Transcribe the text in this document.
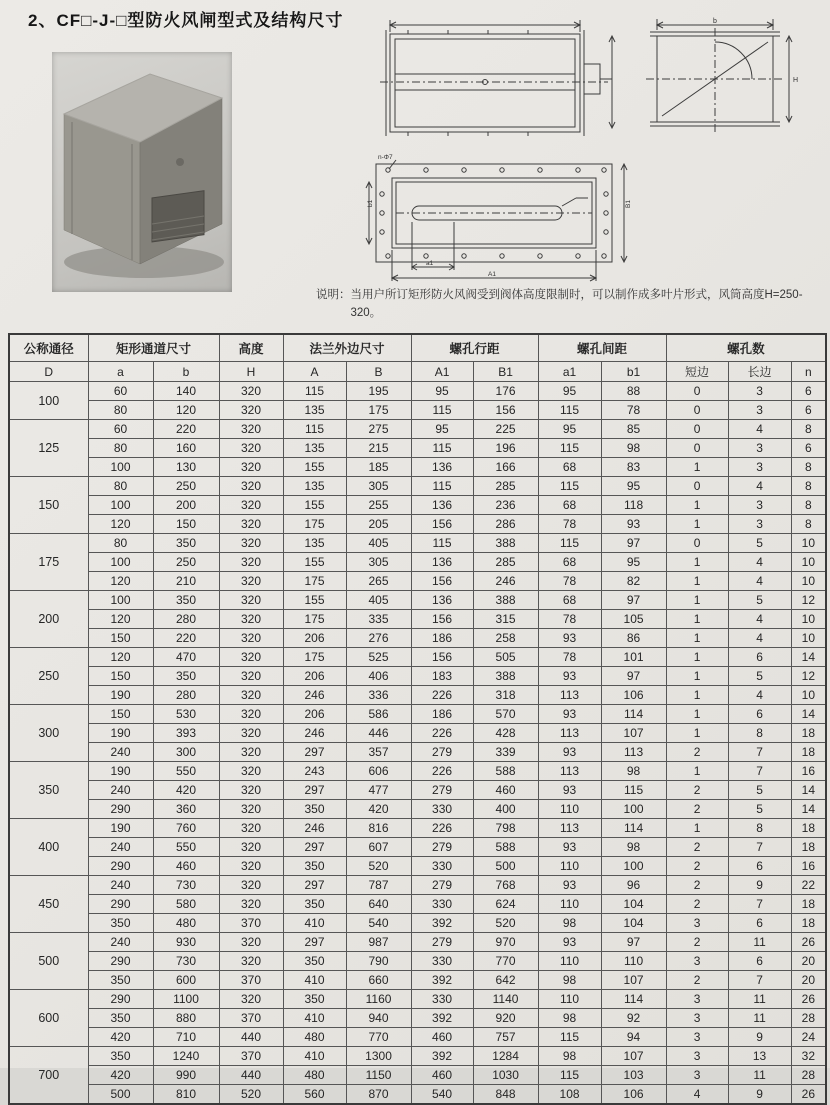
2、CF□-J-□型防火风闸型式及结构尺寸	b
H
n-Φ7
a1
A1
b1	B1
说明： 当用户所订矩形防火风阀受到阀体高度限制时，可以制作成多叶片形式，风筒高度H=250-320。
公称通径	矩形通道尺寸		高度	法兰外边尺寸		螺孔行距		螺孔间距		螺孔数		
D	a	b	H	A	B	A1	B1	a1	b1	短边	长边	n
100	60	140	320	115	195	95	176	95	88	0	3	6
	80	120	320	135	175	115	156	115	78	0	3	6
125	60	220	320	115	275	95	225	95	85	0	4	8
	80	160	320	135	215	115	196	115	98	0	3	6
	100	130	320	155	185	136	166	68	83	1	3	8
150	80	250	320	135	305	115	285	115	95	0	4	8
	100	200	320	155	255	136	236	68	118	1	3	8
	120	150	320	175	205	156	286	78	93	1	3	8
175	80	350	320	135	405	115	388	115	97	0	5	10
	100	250	320	155	305	136	285	68	95	1	4	10
	120	210	320	175	265	156	246	78	82	1	4	10
200	100	350	320	155	405	136	388	68	97	1	5	12
	120	280	320	175	335	156	315	78	105	1	4	10
	150	220	320	206	276	186	258	93	86	1	4	10
250	120	470	320	175	525	156	505	78	101	1	6	14
	150	350	320	206	406	183	388	93	97	1	5	12
	190	280	320	246	336	226	318	113	106	1	4	10
300	150	530	320	206	586	186	570	93	114	1	6	14
	190	393	320	246	446	226	428	113	107	1	8	18
	240	300	320	297	357	279	339	93	113	2	7	18
350	190	550	320	243	606	226	588	113	98	1	7	16
	240	420	320	297	477	279	460	93	115	2	5	14
	290	360	320	350	420	330	400	110	100	2	5	14
400	190	760	320	246	816	226	798	113	114	1	8	18
	240	550	320	297	607	279	588	93	98	2	7	18
	290	460	320	350	520	330	500	110	100	2	6	16
450	240	730	320	297	787	279	768	93	96	2	9	22
	290	580	320	350	640	330	624	110	104	2	7	18
	350	480	370	410	540	392	520	98	104	3	6	18
500	240	930	320	297	987	279	970	93	97	2	11	26
	290	730	320	350	790	330	770	110	110	3	6	20
	350	600	370	410	660	392	642	98	107	2	7	20
600	290	1100	320	350	1160	330	1140	110	114	3	11	26
	350	880	370	410	940	392	920	98	92	3	11	28
	420	710	440	480	770	460	757	115	94	3	9	24
700	350	1240	370	410	1300	392	1284	98	107	3	13	32
	420	990	440	480	1150	460	1030	115	103	3	11	28
	500	810	520	560	870	540	848	108	106	4	9	26
